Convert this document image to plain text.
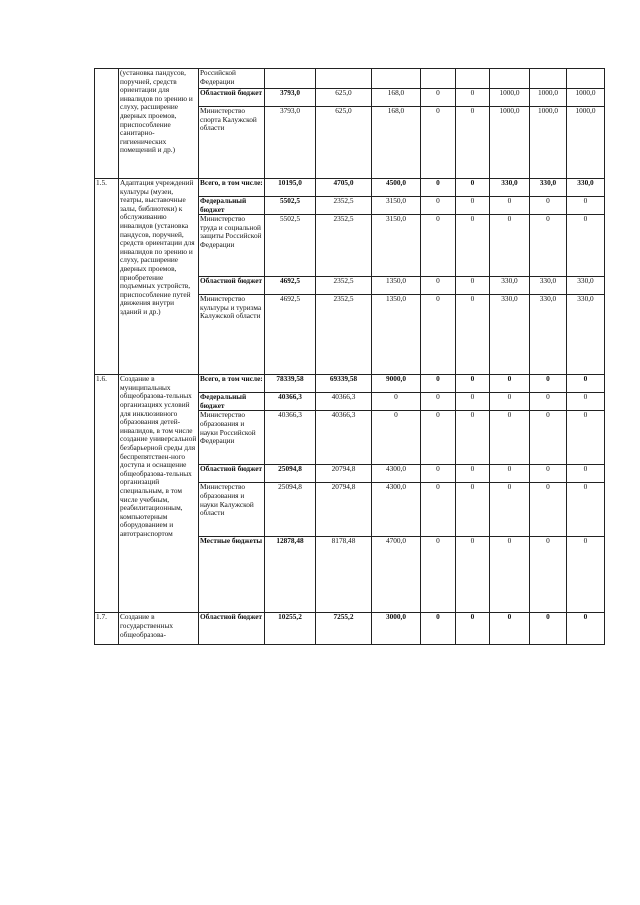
	(установка пандусов, поручней, средств ориентации для инвалидов по зрению и слуху, расширение дверных проемов, приспособление санитарно-гигиенических помещений и др.)	Российской Федерации								
		Областной бюджет	3793,0	625,0	168,0	0	0	1000,0	1000,0	1000,0
		Министерство спорта Калужской области	3793,0	625,0	168,0	0	0	1000,0	1000,0	1000,0
1.5.	Адаптация учреждений культуры (музеи, театры, выставочные залы, библиотеки) к обслуживанию инвалидов (установка пандусов, поручней, средств ориентации для инвалидов по зрению и слуху, расширение дверных проемов, приобретение подъемных устройств, приспособление путей движения внутри зданий и др.)	Всего, в том числе:	10195,0	4705,0	4500,0	0	0	330,0	330,0	330,0
		Федеральный бюджет	5502,5	2352,5	3150,0	0	0	0	0	0
		Министерство труда и социальной защиты Российской Федерации	5502,5	2352,5	3150,0	0	0	0	0	0
		Областной бюджет	4692,5	2352,5	1350,0	0	0	330,0	330,0	330,0
		Министерство культуры и туризма Калужской области	4692,5	2352,5	1350,0	0	0	330,0	330,0	330,0
1.6.	Создание в муниципальных общеобразова-тельных организациях условий для инклюзивного образования детей-инвалидов, в том числе создание универсальной безбарьерной среды для беспрепятствен-ного доступа и оснащение общеобразова-тельных организаций специальным, в том числе учебным, реабилитационным, компьютерным оборудованием и автотранспортом	Всего, в том числе:	78339,58	69339,58	9000,0	0	0	0	0	0
		Федеральный бюджет	40366,3	40366,3	0	0	0	0	0	0
		Министерство образования и науки Российской Федерации	40366,3	40366,3	0	0	0	0	0	0
		Областной бюджет	25094,8	20794,8	4300,0	0	0	0	0	0
		Министерство образования и науки Калужской области	25094,8	20794,8	4300,0	0	0	0	0	0
		Местные бюджеты	12878,48	8178,48	4700,0	0	0	0	0	0
1.7.	Создание в государственных общеобразова-	Областной бюджет	10255,2	7255,2	3000,0	0	0	0	0	0
